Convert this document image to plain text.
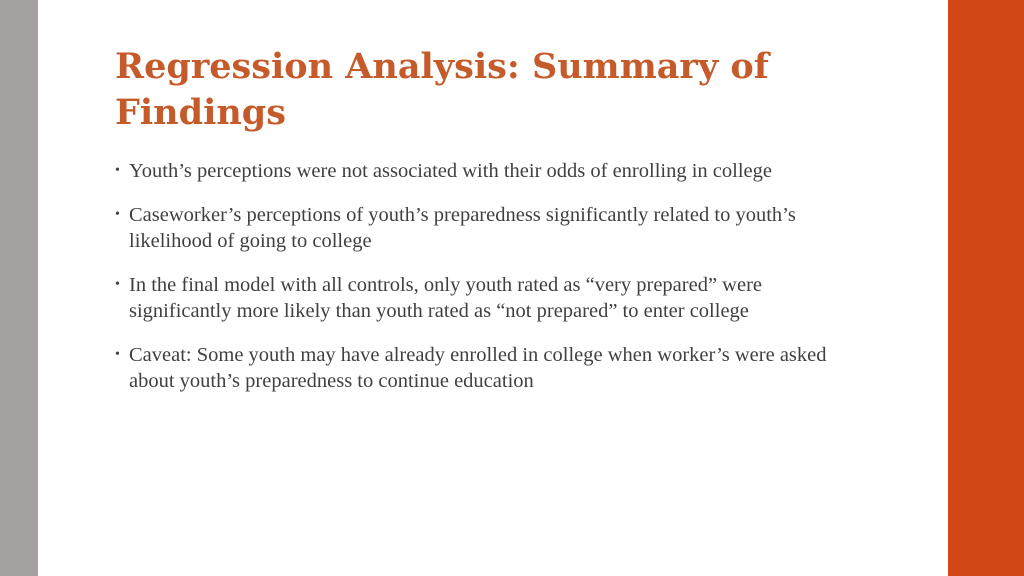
Regression Analysis: Summary of Findings
• Youth’s perceptions were not associated with their odds of enrolling in college
• Caseworker’s perceptions of youth’s preparedness significantly related to youth’s likelihood of going to college
• In the final model with all controls, only youth rated as “very prepared” were significantly more likely than youth rated as “not prepared” to enter college
• Caveat: Some youth may have already enrolled in college when worker’s were asked about youth’s preparedness to continue education
